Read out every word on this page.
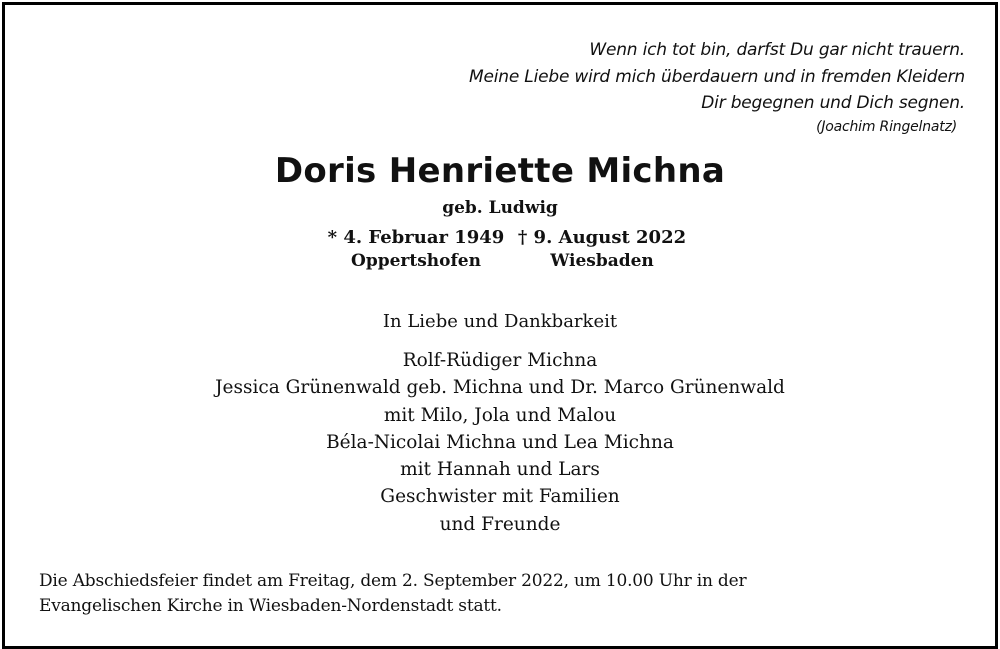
Wenn ich tot bin, darfst Du gar nicht trauern.
Meine Liebe wird mich überdauern und in fremden Kleidern
Dir begegnen und Dich segnen.
(Joachim Ringelnatz)
Doris Henriette Michna
geb. Ludwig
* 4. Februar 1949
Oppertshofen
† 9. August 2022
Wiesbaden
In Liebe und Dankbarkeit
Rolf-Rüdiger Michna
Jessica Grünenwald geb. Michna und Dr. Marco Grünenwald
mit Milo, Jola und Malou
Béla-Nicolai Michna und Lea Michna
mit Hannah und Lars
Geschwister mit Familien
und Freunde
Die Abschiedsfeier findet am Freitag, dem 2. September 2022, um 10.00 Uhr in der
Evangelischen Kirche in Wiesbaden-Nordenstadt statt.
